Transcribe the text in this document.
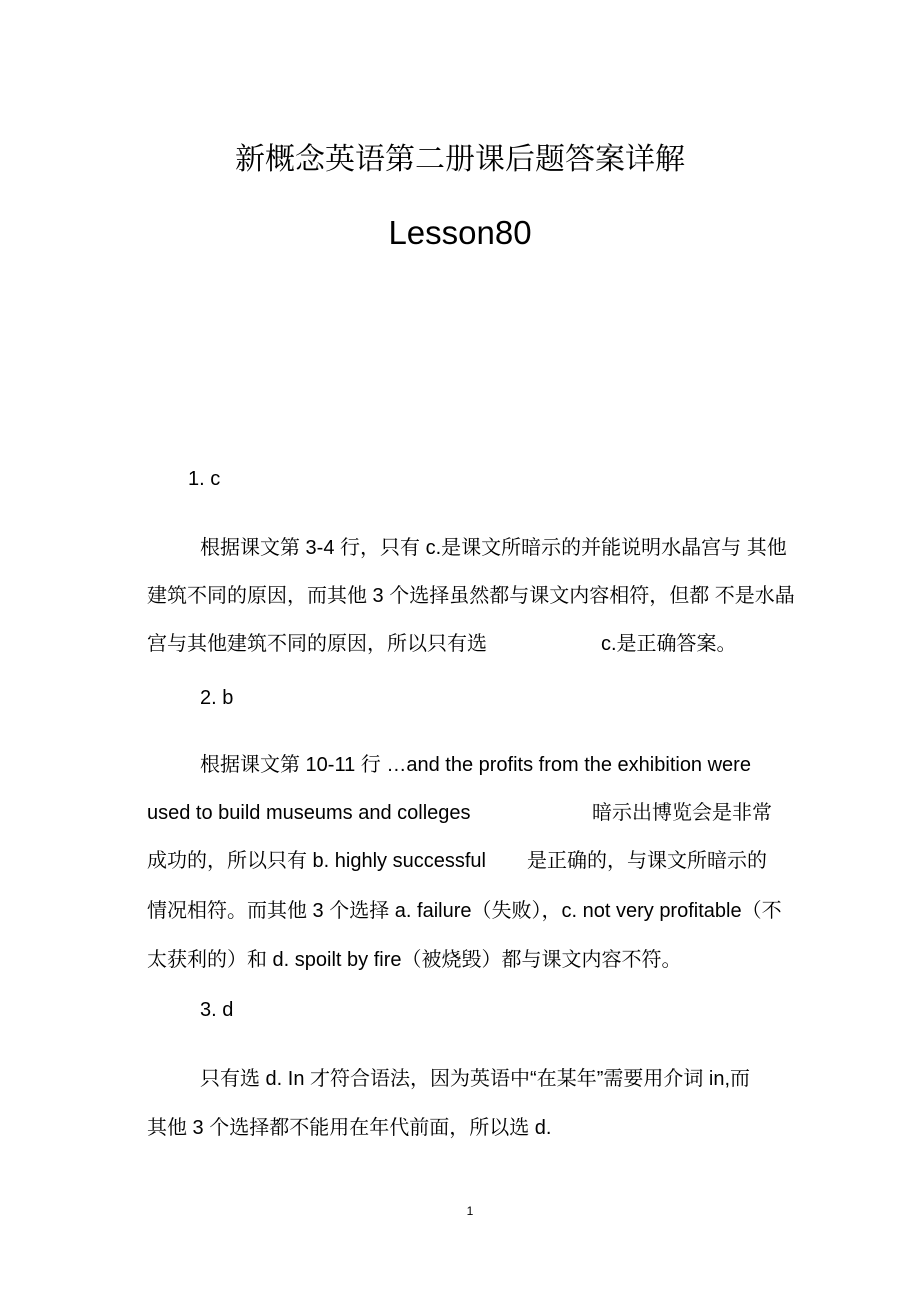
新概念英语第二册课后题答案详解
Lesson80
1. c
根据课文第 3-4 行，只有 c.是课文所暗示的并能说明水晶宫与 其他
建筑不同的原因，而其他 3 个选择虽然都与课文内容相符，但都 不是水晶
宫与其他建筑不同的原因，所以只有选	c.是正确答案。
2. b
根据课文第 10-11 行 …and the profits from the exhibition were
used to build museums and colleges	暗示出博览会是非常
成功的，所以只有 b. highly successful 是正确的，与课文所暗示的
情况相符。而其他 3 个选择 a. failure（失败），c. not very profitable（不
太获利的）和 d. spoilt by fire（被烧毁）都与课文内容不符。
3. d
只有选 d. In 才符合语法，因为英语中“在某年”需要用介词 in,而
其他 3 个选择都不能用在年代前面，所以选 d.
1
